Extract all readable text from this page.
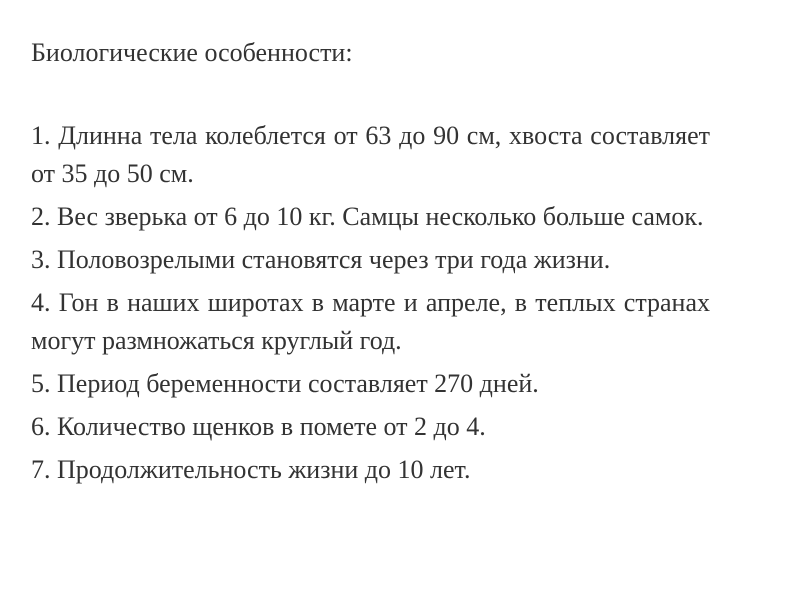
Биологические особенности:

1. Длинна тела колеблется от 63 до 90 см, хвоста составляет от 35 до 50 см.

2. Вес зверька от 6 до 10 кг. Самцы несколько больше самок.

3. Половозрелыми становятся через три года жизни.

4. Гон в наших широтах в марте и апреле, в теплых странах могут размножаться круглый год.

5. Период беременности составляет 270 дней.

6. Количество щенков в помете от 2 до 4.

7. Продолжительность жизни до 10 лет.
